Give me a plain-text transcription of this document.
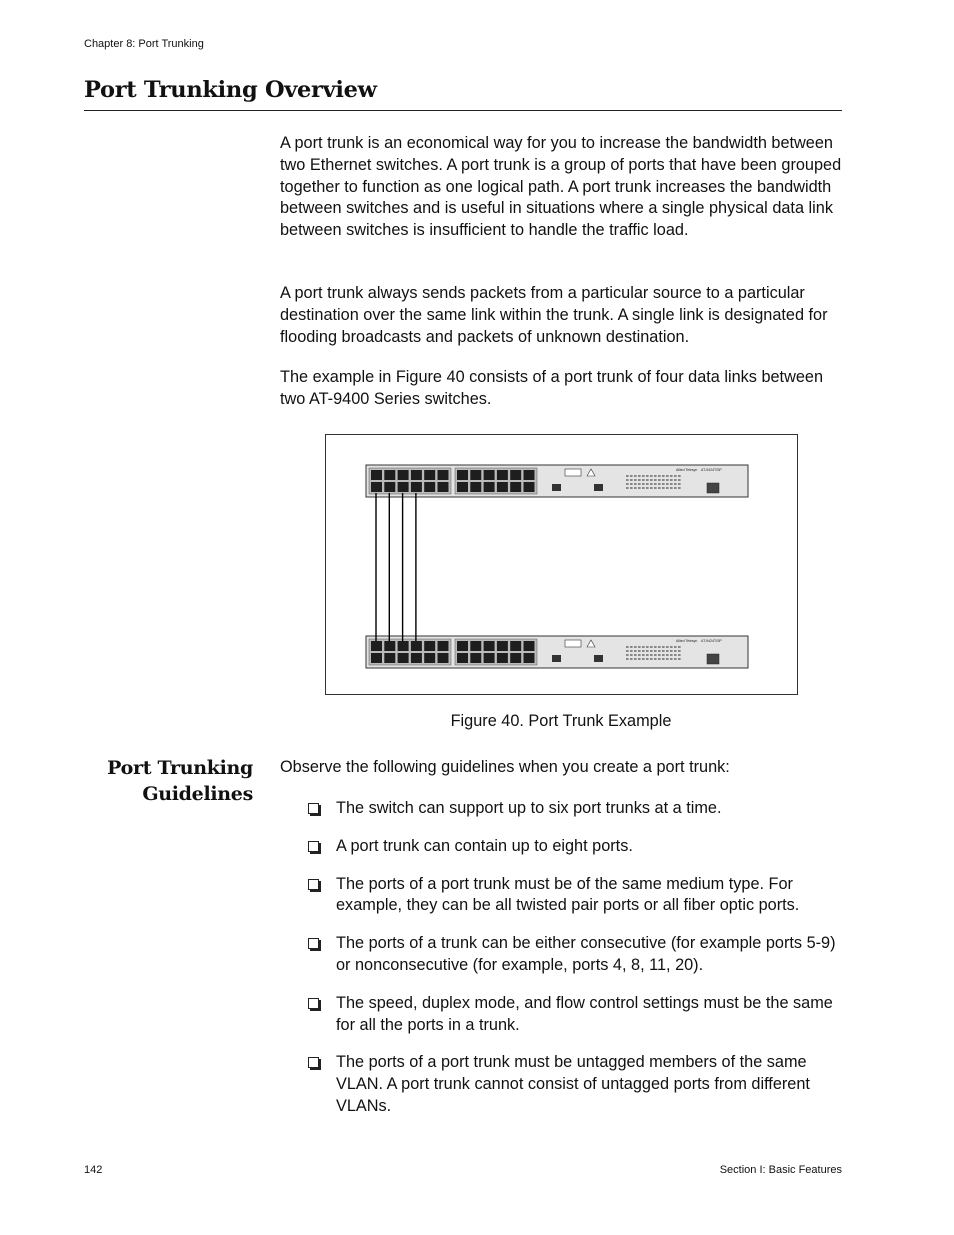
Chapter 8: Port Trunking
Port Trunking Overview
A port trunk is an economical way for you to increase the bandwidth between two Ethernet switches. A port trunk is a group of ports that have been grouped together to function as one logical path. A port trunk increases the bandwidth between switches and is useful in situations where a single physical data link between switches is insufficient to handle the traffic load.
A port trunk always sends packets from a particular source to a particular destination over the same link within the trunk. A single link is designated for flooding broadcasts and packets of unknown destination.
The example in Figure 40 consists of a port trunk of four data links between two AT-9400 Series switches.
AT-9424T/SP
Allied Telesyn
AT-9424T/SP
Allied Telesyn
Figure 40. Port Trunk Example
Port Trunking
Guidelines
Observe the following guidelines when you create a port trunk:
The switch can support up to six port trunks at a time.
A port trunk can contain up to eight ports.
The ports of a port trunk must be of the same medium type. For example, they can be all twisted pair ports or all fiber optic ports.
The ports of a trunk can be either consecutive (for example ports 5-9) or nonconsecutive (for example, ports 4, 8, 11, 20).
The speed, duplex mode, and flow control settings must be the same for all the ports in a trunk.
The ports of a port trunk must be untagged members of the same VLAN. A port trunk cannot consist of untagged ports from different VLANs.
142	Section I: Basic Features
